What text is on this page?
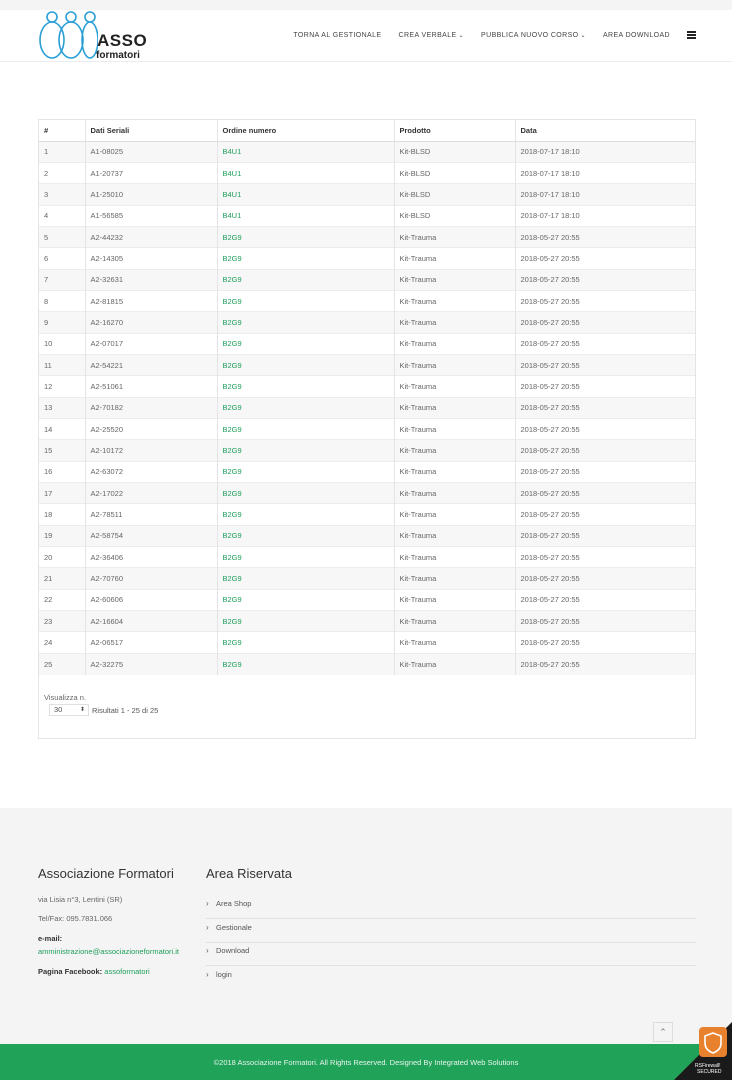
ASSO
formatori
TORNA AL GESTIONALE CREA VERBALE ⌄ PUBBLICA NUOVO CORSO ⌄ AREA DOWNLOAD
#	Dati Seriali	Ordine numero	Prodotto	Data
1	A1-08025	B4U1	Kit-BLSD	2018-07-17 18:10
2	A1-20737	B4U1	Kit-BLSD	2018-07-17 18:10
3	A1-25010	B4U1	Kit-BLSD	2018-07-17 18:10
4	A1-56585	B4U1	Kit-BLSD	2018-07-17 18:10
5	A2-44232	B2G9	Kit-Trauma	2018-05-27 20:55
6	A2-14305	B2G9	Kit-Trauma	2018-05-27 20:55
7	A2-32631	B2G9	Kit-Trauma	2018-05-27 20:55
8	A2-81815	B2G9	Kit-Trauma	2018-05-27 20:55
9	A2-16270	B2G9	Kit-Trauma	2018-05-27 20:55
10	A2-07017	B2G9	Kit-Trauma	2018-05-27 20:55
11	A2-54221	B2G9	Kit-Trauma	2018-05-27 20:55
12	A2-51061	B2G9	Kit-Trauma	2018-05-27 20:55
13	A2-70182	B2G9	Kit-Trauma	2018-05-27 20:55
14	A2-25520	B2G9	Kit-Trauma	2018-05-27 20:55
15	A2-10172	B2G9	Kit-Trauma	2018-05-27 20:55
16	A2-63072	B2G9	Kit-Trauma	2018-05-27 20:55
17	A2-17022	B2G9	Kit-Trauma	2018-05-27 20:55
18	A2-78511	B2G9	Kit-Trauma	2018-05-27 20:55
19	A2-58754	B2G9	Kit-Trauma	2018-05-27 20:55
20	A2-36406	B2G9	Kit-Trauma	2018-05-27 20:55
21	A2-70760	B2G9	Kit-Trauma	2018-05-27 20:55
22	A2-60606	B2G9	Kit-Trauma	2018-05-27 20:55
23	A2-16604	B2G9	Kit-Trauma	2018-05-27 20:55
24	A2-06517	B2G9	Kit-Trauma	2018-05-27 20:55
25	A2-32275	B2G9	Kit-Trauma	2018-05-27 20:55
Visualizza n.
30	⬍ Risultati 1 - 25 di 25
Associazione Formatori
via Lisia n°3, Lentini (SR)
Tel/Fax: 095.7831.066
e-mail:
amministrazione@associazioneformatori.it
Pagina Facebook: assoformatori
Area Riservata
› Area Shop
› Gestionale
› Download
› login
⌃
©2018 Associazione Formatori. All Rights Reserved. Designed By Integrated Web Solutions	RSFirewall!
SECURED
